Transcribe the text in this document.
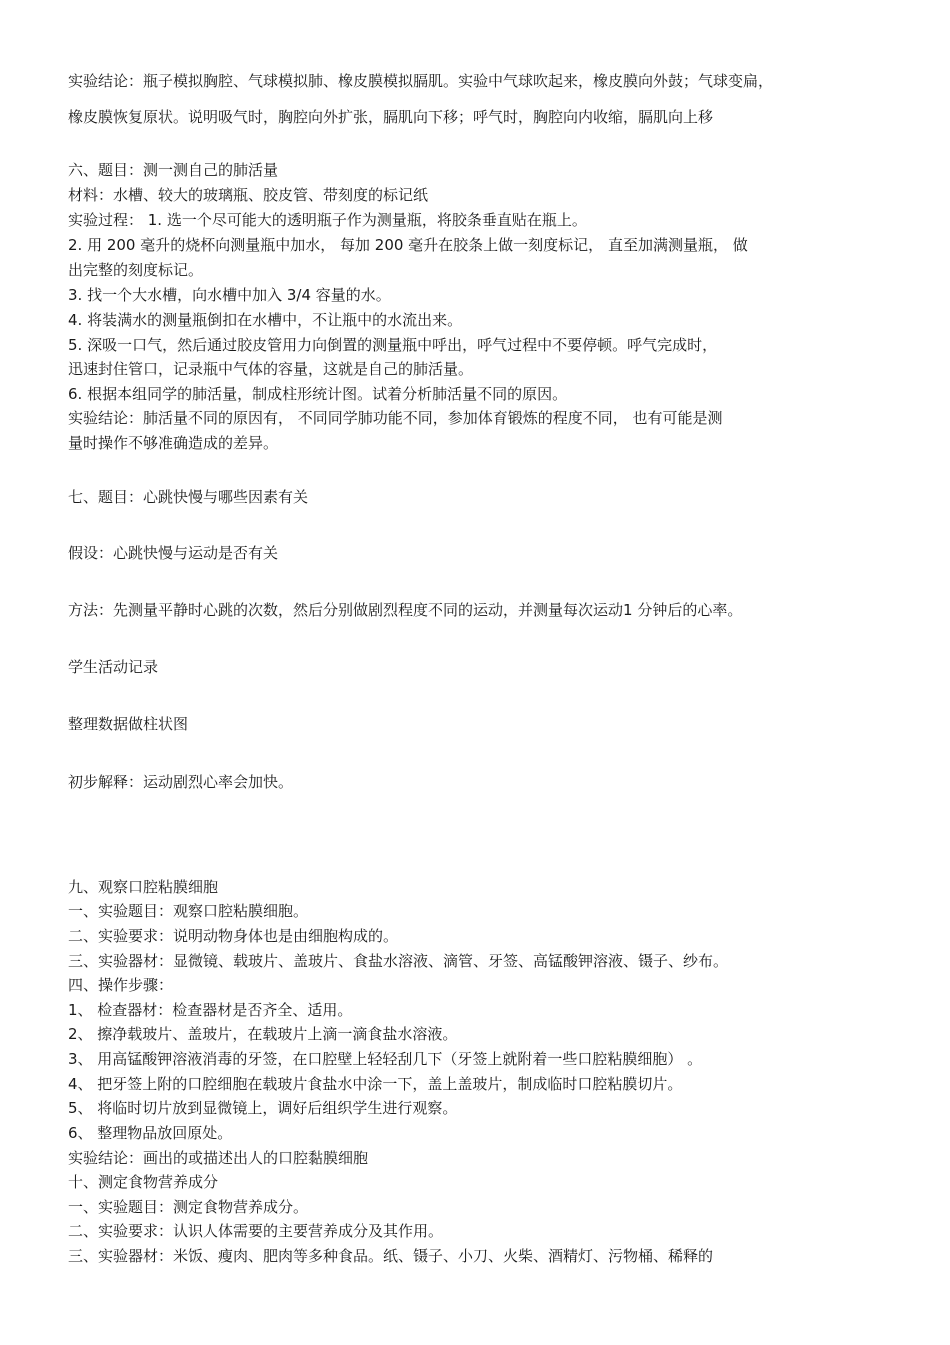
实验结论：瓶子模拟胸腔、气球模拟肺、橡皮膜模拟膈肌。实验中气球吹起来，橡皮膜向外鼓；气球变扁，
橡皮膜恢复原状。说明吸气时，胸腔向外扩张，膈肌向下移；呼气时，胸腔向内收缩，膈肌向上移
六、题目：测一测自己的肺活量
材料：水槽、较大的玻璃瓶、胶皮管、带刻度的标记纸
实验过程： 1. 选一个尽可能大的透明瓶子作为测量瓶，将胶条垂直贴在瓶上。
2. 用 200 毫升的烧杯向测量瓶中加水， 每加 200 毫升在胶条上做一刻度标记， 直至加满测量瓶， 做
出完整的刻度标记。
3. 找一个大水槽，向水槽中加入 3/4 容量的水。
4. 将装满水的测量瓶倒扣在水槽中，不让瓶中的水流出来。
5. 深吸一口气，然后通过胶皮管用力向倒置的测量瓶中呼出，呼气过程中不要停顿。呼气完成时，
迅速封住管口，记录瓶中气体的容量，这就是自己的肺活量。
6. 根据本组同学的肺活量，制成柱形统计图。试着分析肺活量不同的原因。
实验结论：肺活量不同的原因有， 不同同学肺功能不同，参加体育锻炼的程度不同， 也有可能是测
量时操作不够准确造成的差异。
七、题目：心跳快慢与哪些因素有关
假设：心跳快慢与运动是否有关
方法：先测量平静时心跳的次数，然后分别做剧烈程度不同的运动，并测量每次运动1 分钟后的心率。
学生活动记录
整理数据做柱状图
初步解释：运动剧烈心率会加快。
九、观察口腔粘膜细胞
一、实验题目：观察口腔粘膜细胞。
二、实验要求：说明动物身体也是由细胞构成的。
三、实验器材：显微镜、载玻片、盖玻片、食盐水溶液、滴管、牙签、高锰酸钾溶液、镊子、纱布。
四、操作步骤：
1、 检查器材：检查器材是否齐全、适用。
2、 擦净载玻片、盖玻片，在载玻片上滴一滴食盐水溶液。
3、 用高锰酸钾溶液消毒的牙签，在口腔壁上轻轻刮几下（牙签上就附着一些口腔粘膜细胞） 。
4、 把牙签上附的口腔细胞在载玻片食盐水中涂一下，盖上盖玻片，制成临时口腔粘膜切片。
5、 将临时切片放到显微镜上，调好后组织学生进行观察。
6、 整理物品放回原处。
实验结论：画出的或描述出人的口腔黏膜细胞
十、测定食物营养成分
一、实验题目：测定食物营养成分。
二、实验要求：认识人体需要的主要营养成分及其作用。
三、实验器材：米饭、瘦肉、肥肉等多种食品。纸、镊子、小刀、火柴、酒精灯、污物桶、稀释的
